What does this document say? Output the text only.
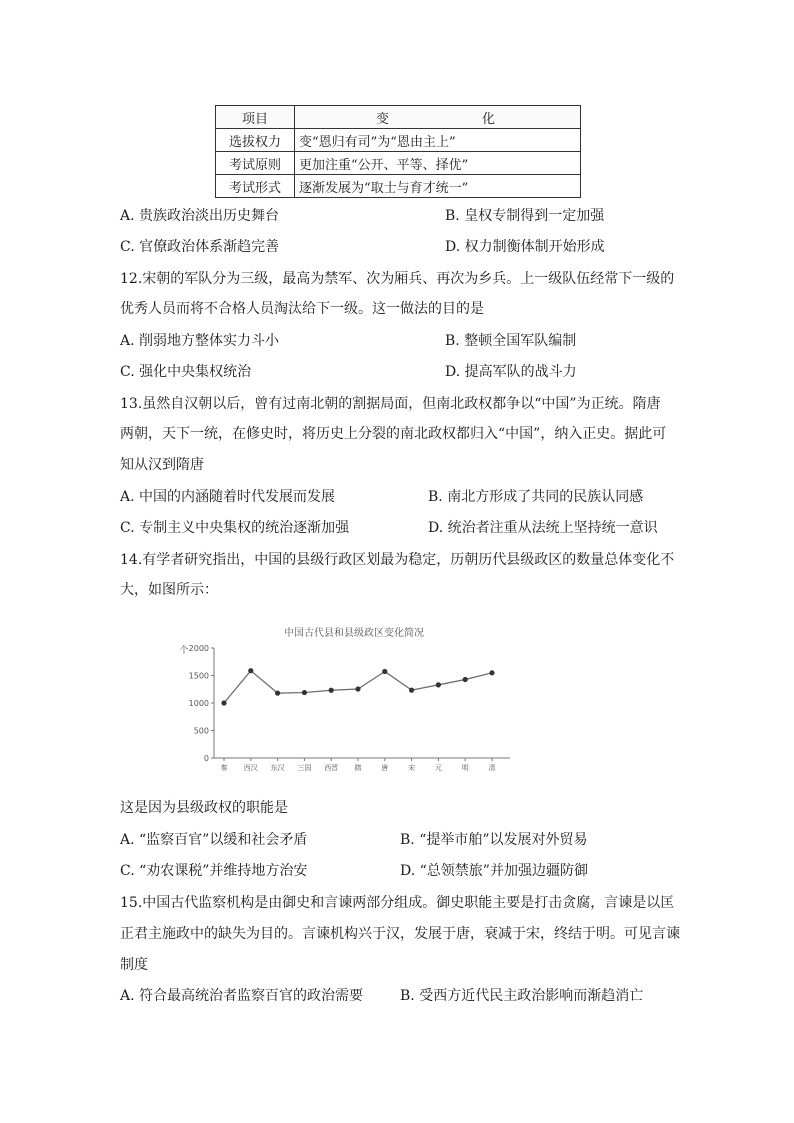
项目	变　化
选拔权力	变“恩归有司”为“恩由主上”
考试原则	更加注重“公开、平等、择优”
考试形式	逐渐发展为“取士与育才统一”
A. 贵族政治淡出历史舞台	B. 皇权专制得到一定加强
C. 官僚政治体系渐趋完善	D. 权力制衡体制开始形成
12.宋朝的军队分为三级，最高为禁军、次为厢兵、再次为乡兵。上一级队伍经常下一级的
优秀人员而将不合格人员淘汰给下一级。这一做法的目的是
A. 削弱地方整体实力斗小	B. 整顿全国军队编制
C. 强化中央集权统治	D. 提高军队的战斗力
13.虽然自汉朝以后，曾有过南北朝的割据局面，但南北政权都争以“中国”为正统。隋唐
两朝，天下一统，在修史时，将历史上分裂的南北政权都归入“中国”，纳入正史。据此可
知从汉到隋唐
A. 中国的内涵随着时代发展而发展	B. 南北方形成了共同的民族认同感
C. 专制主义中央集权的统治逐渐加强	D. 统治者注重从法统上坚持统一意识
14.有学者研究指出，中国的县级行政区划最为稳定，历朝历代县级政区的数量总体变化不
大，如图所示：
中国古代县和县级政区变化简况
个
0
500
1000
1500
2000
秦 西汉 东汉 三国 西晋 隋	唐	宋	元	明	清
这是因为县级政权的职能是
A. “监察百官”以缓和社会矛盾	B. “提举市舶”以发展对外贸易
C. “劝农课税”并维持地方治安	D. “总领禁旅”并加强边疆防御
15.中国古代监察机构是由御史和言谏两部分组成。御史职能主要是打击贪腐，言谏是以匡
正君主施政中的缺失为目的。言谏机构兴于汉，发展于唐，衰减于宋，终结于明。可见言谏
制度
A. 符合最高统治者监察百官的政治需要	B. 受西方近代民主政治影响而渐趋消亡
